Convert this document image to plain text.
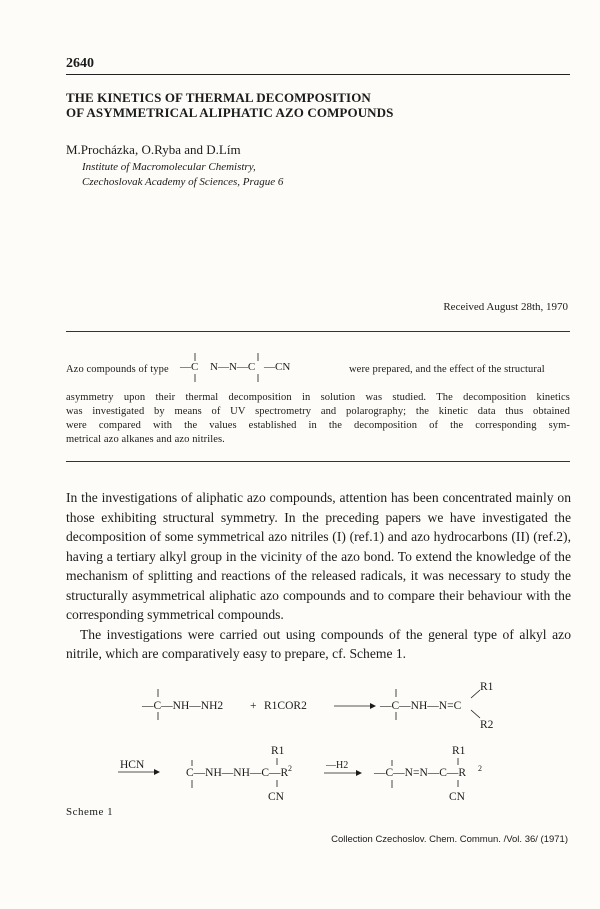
2640
THE KINETICS OF THERMAL DECOMPOSITION
OF ASYMMETRICAL ALIPHATIC AZO COMPOUNDS
M.Procházka, O.Ryba and D.Lím
Institute of Macromolecular Chemistry,
Czechoslovak Academy of Sciences, Prague 6
Received August 28th, 1970
Azo compounds of type — C N—N—C —CN	were prepared, and the effect of the structural
asymmetry upon their thermal decomposition in solution was studied. The decomposition kinetics
was investigated by means of UV spectrometry and polarography; the kinetic data thus obtained
were compared with the values established in the decomposition of the corresponding sym-
metrical azo alkanes and azo nitriles.

In the investigations of aliphatic azo compounds, attention has been concentrated mainly on those exhibiting structural symmetry. In the preceding papers we have investigated the decomposition of some symmetrical azo nitriles (I) (ref.1) and azo hydrocarbons (II) (ref.2), having a tertiary alkyl group in the vicinity of the azo bond. To extend the knowledge of the mechanism of splitting and reactions of the released radicals, it was necessary to study the structurally asymmetrical aliphatic azo compounds and to compare their behaviour with the corresponding symmetrical compounds.

The investigations were carried out using compounds of the general type of alkyl azo nitrile, which are comparatively easy to prepare, cf. Scheme 1.

—C—NH—NH2 + R1COR2	—C—NH—N=C
R1
R2
HCN
C—NH—NH—C—R 2
R1
CN
—H2
—C—N=N—C—R 2
R1
CN
Scheme 1
Collection Czechoslov. Chem. Commun. /Vol. 36/ (1971)
